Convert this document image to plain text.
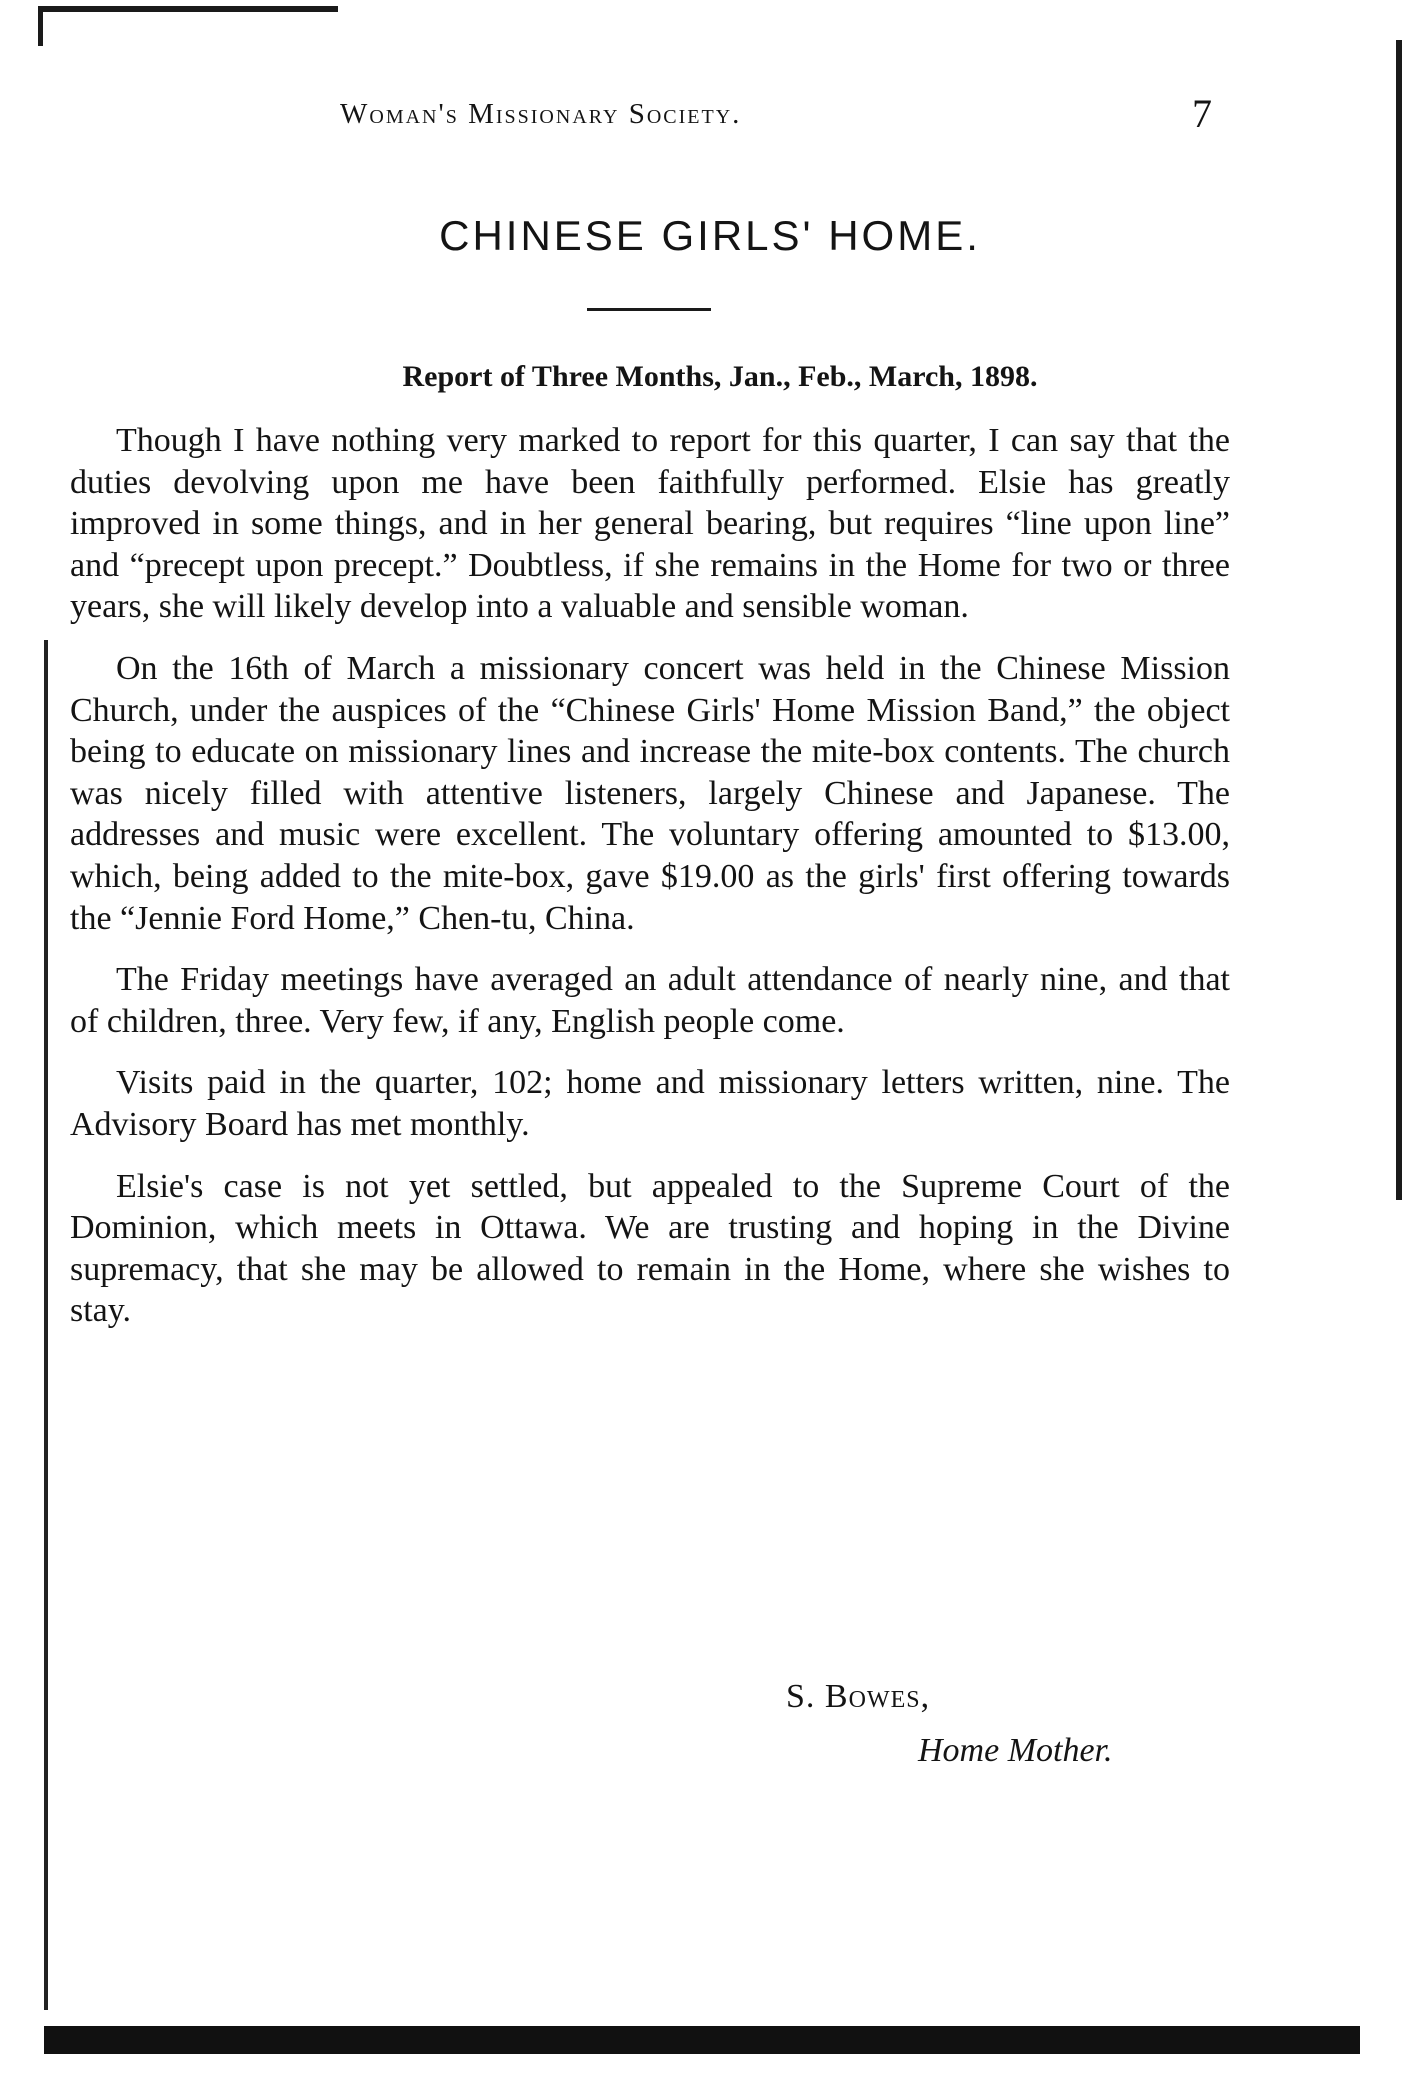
Woman's Missionary Society.	7
CHINESE GIRLS' HOME.
Report of Three Months, Jan., Feb., March, 1898.

Though I have nothing very marked to report for this quarter, I can say that the duties devolving upon me have been faithfully performed. Elsie has greatly improved in some things, and in her general bearing, but requires “line upon line” and “precept upon precept.” Doubtless, if she remains in the Home for two or three years, she will likely develop into a valuable and sensible woman.

On the 16th of March a missionary concert was held in the Chinese Mission Church, under the auspices of the “Chinese Girls' Home Mission Band,” the object being to educate on missionary lines and increase the mite-box contents. The church was nicely filled with attentive listeners, largely Chinese and Japanese. The addresses and music were excellent. The voluntary offering amounted to $13.00, which, being added to the mite-box, gave $19.00 as the girls' first offering towards the “Jennie Ford Home,” Chen-tu, China.

The Friday meetings have averaged an adult attendance of nearly nine, and that of children, three. Very few, if any, English people come.

Visits paid in the quarter, 102; home and missionary letters written, nine. The Advisory Board has met monthly.

Elsie's case is not yet settled, but appealed to the Supreme Court of the Dominion, which meets in Ottawa. We are trusting and hoping in the Divine supremacy, that she may be allowed to remain in the Home, where she wishes to stay.

S. Bowes,
Home Mother.
